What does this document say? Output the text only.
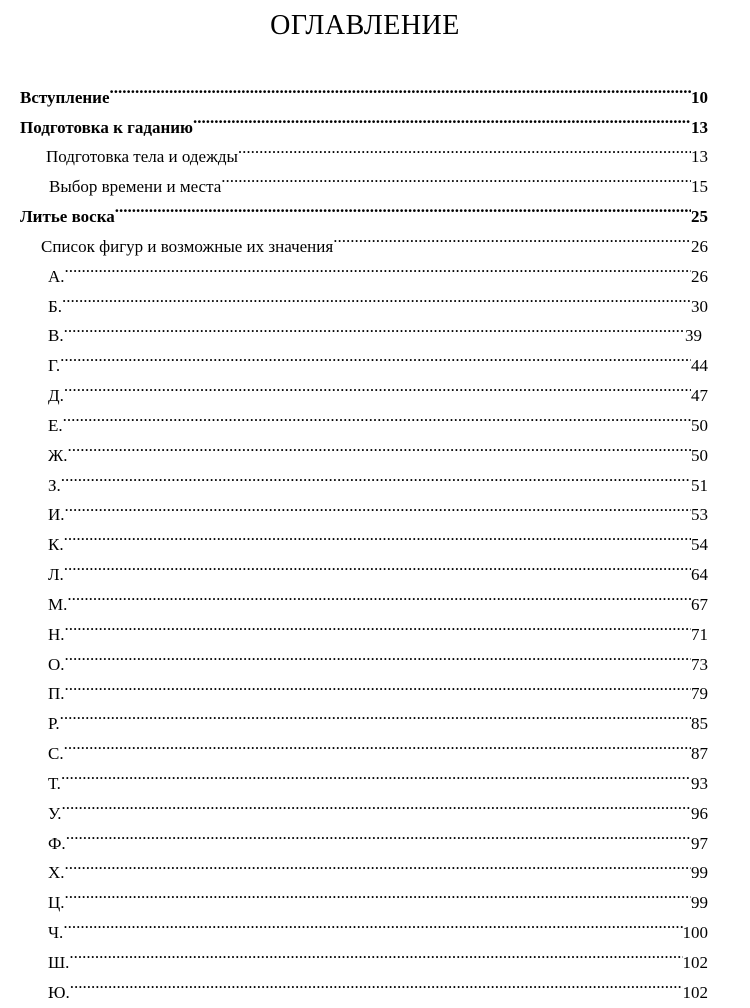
ОГЛАВЛЕНИЕ
Вступление .....	10
Подготовка к гаданию .....	13
Подготовка тела и одежды .....	13
Выбор времени и места .....	15
Литье воска .....	25
Список фигур и возможные их значения .....	26
А. .....	26
Б. .....	30
В. .....	39
Г. .....	44
Д. .....	47
Е. .....	50
Ж. .....	50
З. .....	51
И. .....	53
К. .....	54
Л. .....	64
М. .....	67
Н. .....	71
О. .....	73
П. .....	79
Р. .....	85
С. .....	87
Т. .....	93
У. .....	96
Ф. .....	97
Х. .....	99
Ц. .....	99
Ч. .....	100
Ш. .....	102
Ю. .....	102
